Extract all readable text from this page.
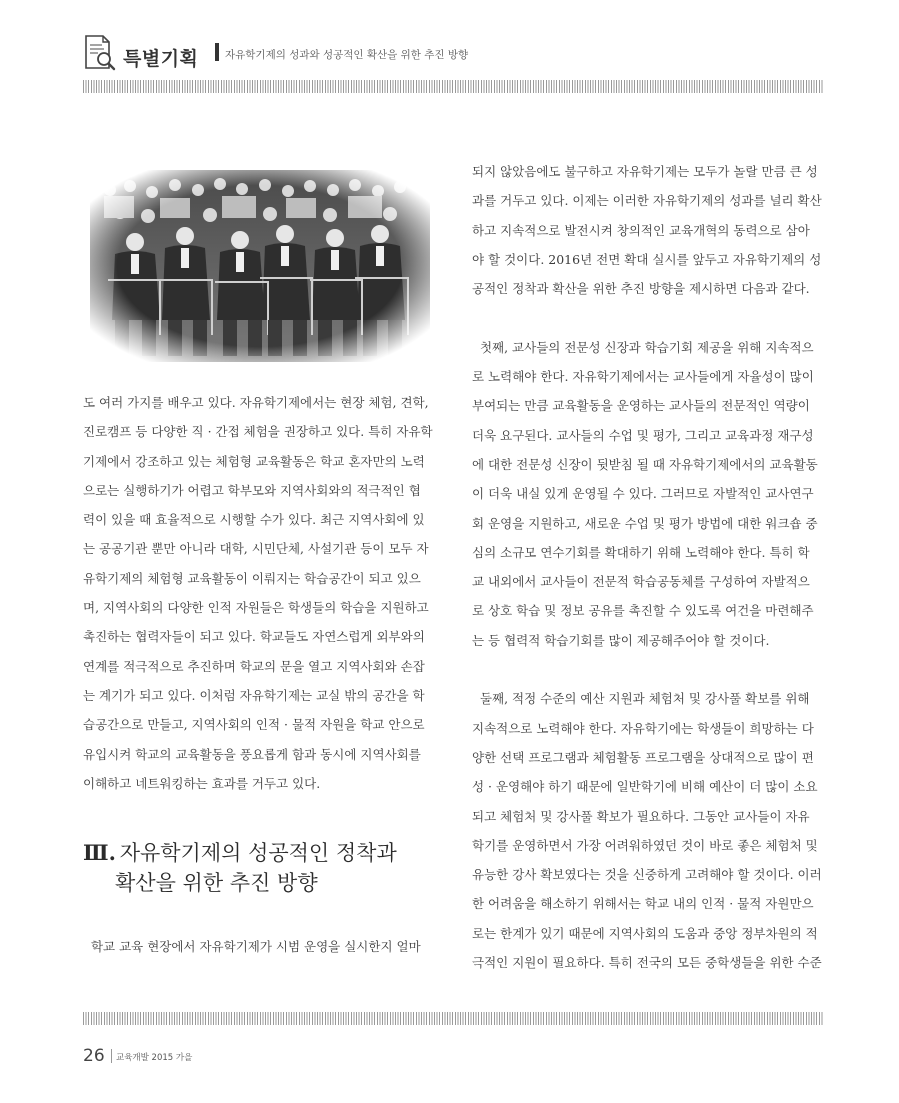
특별기획	자유학기제의 성과와 성공적인 확산을 위한 추진 방향

도 여러 가지를 배우고 있다. 자유학기제에서는 현장 체험, 견학,

진로캠프 등 다양한 직 · 간접 체험을 권장하고 있다. 특히 자유학

기제에서 강조하고 있는 체험형 교육활동은 학교 혼자만의 노력

으로는 실행하기가 어렵고 학부모와 지역사회와의 적극적인 협

력이 있을 때 효율적으로 시행할 수가 있다. 최근 지역사회에 있

는 공공기관 뿐만 아니라 대학, 시민단체, 사설기관 등이 모두 자

유학기제의 체험형 교육활동이 이뤄지는 학습공간이 되고 있으

며, 지역사회의 다양한 인적 자원들은 학생들의 학습을 지원하고

촉진하는 협력자들이 되고 있다. 학교들도 자연스럽게 외부와의

연계를 적극적으로 추진하며 학교의 문을 열고 지역사회와 손잡

는 계기가 되고 있다. 이처럼 자유학기제는 교실 밖의 공간을 학

습공간으로 만들고, 지역사회의 인적 · 물적 자원을 학교 안으로

유입시켜 학교의 교육활동을 풍요롭게 함과 동시에 지역사회를

이해하고 네트워킹하는 효과를 거두고 있다.

Ⅲ. 자유학기제의 성공적인 정착과
확산을 위한 추진 방향
학교 교육 현장에서 자유학기제가 시범 운영을 실시한지 얼마

되지 않았음에도 불구하고 자유학기제는 모두가 놀랄 만큼 큰 성

과를 거두고 있다. 이제는 이러한 자유학기제의 성과를 널리 확산

하고 지속적으로 발전시켜 창의적인 교육개혁의 동력으로 삼아

야 할 것이다. 2016년 전면 확대 실시를 앞두고 자유학기제의 성

공적인 정착과 확산을 위한 추진 방향을 제시하면 다음과 같다.

첫째, 교사들의 전문성 신장과 학습기회 제공을 위해 지속적으

로 노력해야 한다. 자유학기제에서는 교사들에게 자율성이 많이

부여되는 만큼 교육활동을 운영하는 교사들의 전문적인 역량이

더욱 요구된다. 교사들의 수업 및 평가, 그리고 교육과정 재구성

에 대한 전문성 신장이 뒷받침 될 때 자유학기제에서의 교육활동

이 더욱 내실 있게 운영될 수 있다. 그러므로 자발적인 교사연구

회 운영을 지원하고, 새로운 수업 및 평가 방법에 대한 워크숍 중

심의 소규모 연수기회를 확대하기 위해 노력해야 한다. 특히 학

교 내외에서 교사들이 전문적 학습공동체를 구성하여 자발적으

로 상호 학습 및 정보 공유를 촉진할 수 있도록 여건을 마련해주

는 등 협력적 학습기회를 많이 제공해주어야 할 것이다.

둘째, 적정 수준의 예산 지원과 체험처 및 강사풀 확보를 위해

지속적으로 노력해야 한다. 자유학기에는 학생들이 희망하는 다

양한 선택 프로그램과 체험활동 프로그램을 상대적으로 많이 편

성 · 운영해야 하기 때문에 일반학기에 비해 예산이 더 많이 소요

되고 체험처 및 강사풀 확보가 필요하다. 그동안 교사들이 자유

학기를 운영하면서 가장 어려워하였던 것이 바로 좋은 체험처 및

유능한 강사 확보였다는 것을 신중하게 고려해야 할 것이다. 이러

한 어려움을 해소하기 위해서는 학교 내의 인적 · 물적 자원만으

로는 한계가 있기 때문에 지역사회의 도움과 중앙 정부차원의 적

극적인 지원이 필요하다. 특히 전국의 모든 중학생들을 위한 수준

26 교육개발 2015 가을
